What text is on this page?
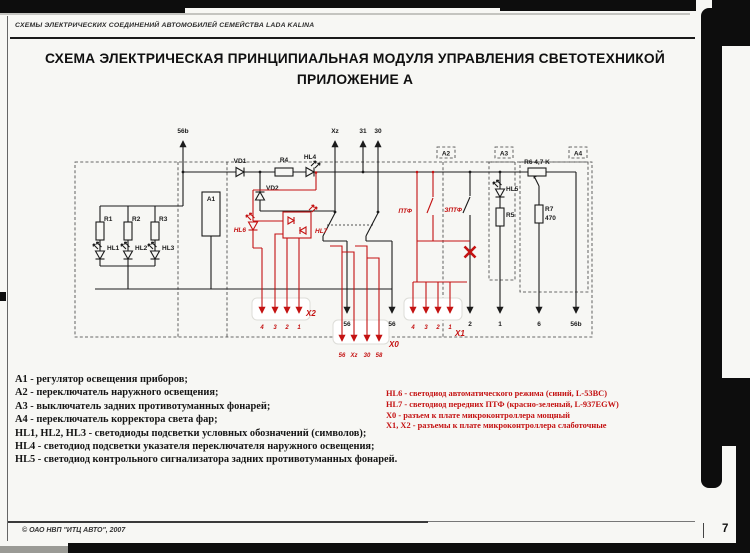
СХЕМЫ ЭЛЕКТРИЧЕСКИХ СОЕДИНЕНИЙ АВТОМОБИЛЕЙ СЕМЕЙСТВА LADA KALINA
СХЕМА ЭЛЕКТРИЧЕСКАЯ ПРИНЦИПИАЛЬНАЯ МОДУЛЯ УПРАВЛЕНИЯ СВЕТОТЕХНИКОЙ
ПРИЛОЖЕНИЕ А
A2	A3	A4
R1	R2	R3
HL1 HL2 HL3
A1
VD1
VD2
R4 HL4
HL5
R5
R6 4,7 K
R7
470
56b	Xz	31 30
56	56	2	1	6	56b
HL6	HL7
ПТФ	ЗПТФ
X2
X0
X1
4 3 2 1
56 Xz 30 58
4 3 2 1
А1 - регулятор освещения приборов;
А2 - переключатель наружного освещения;
А3 - выключатель задних противотуманных фонарей;
А4 - переключатель корректора света фар;
HL1, HL2, HL3 - светодиоды подсветки условных обозначений (символов);
HL4 - светодиод подсветки указателя переключателя наружного освещения;
HL5 - светодиод контрольного сигнализатора задних противотуманных фонарей.
HL6 - светодиод автоматического режима (синий, L-53BC)
HL7 - светодиод передних ПТФ (красно-зеленый, L-937EGW)
X0 - разъем к плате микроконтроллера мощный
X1, X2 - разъемы к плате микроконтроллера слаботочные
© ОАО НВП "ИТЦ АВТО", 2007	7
